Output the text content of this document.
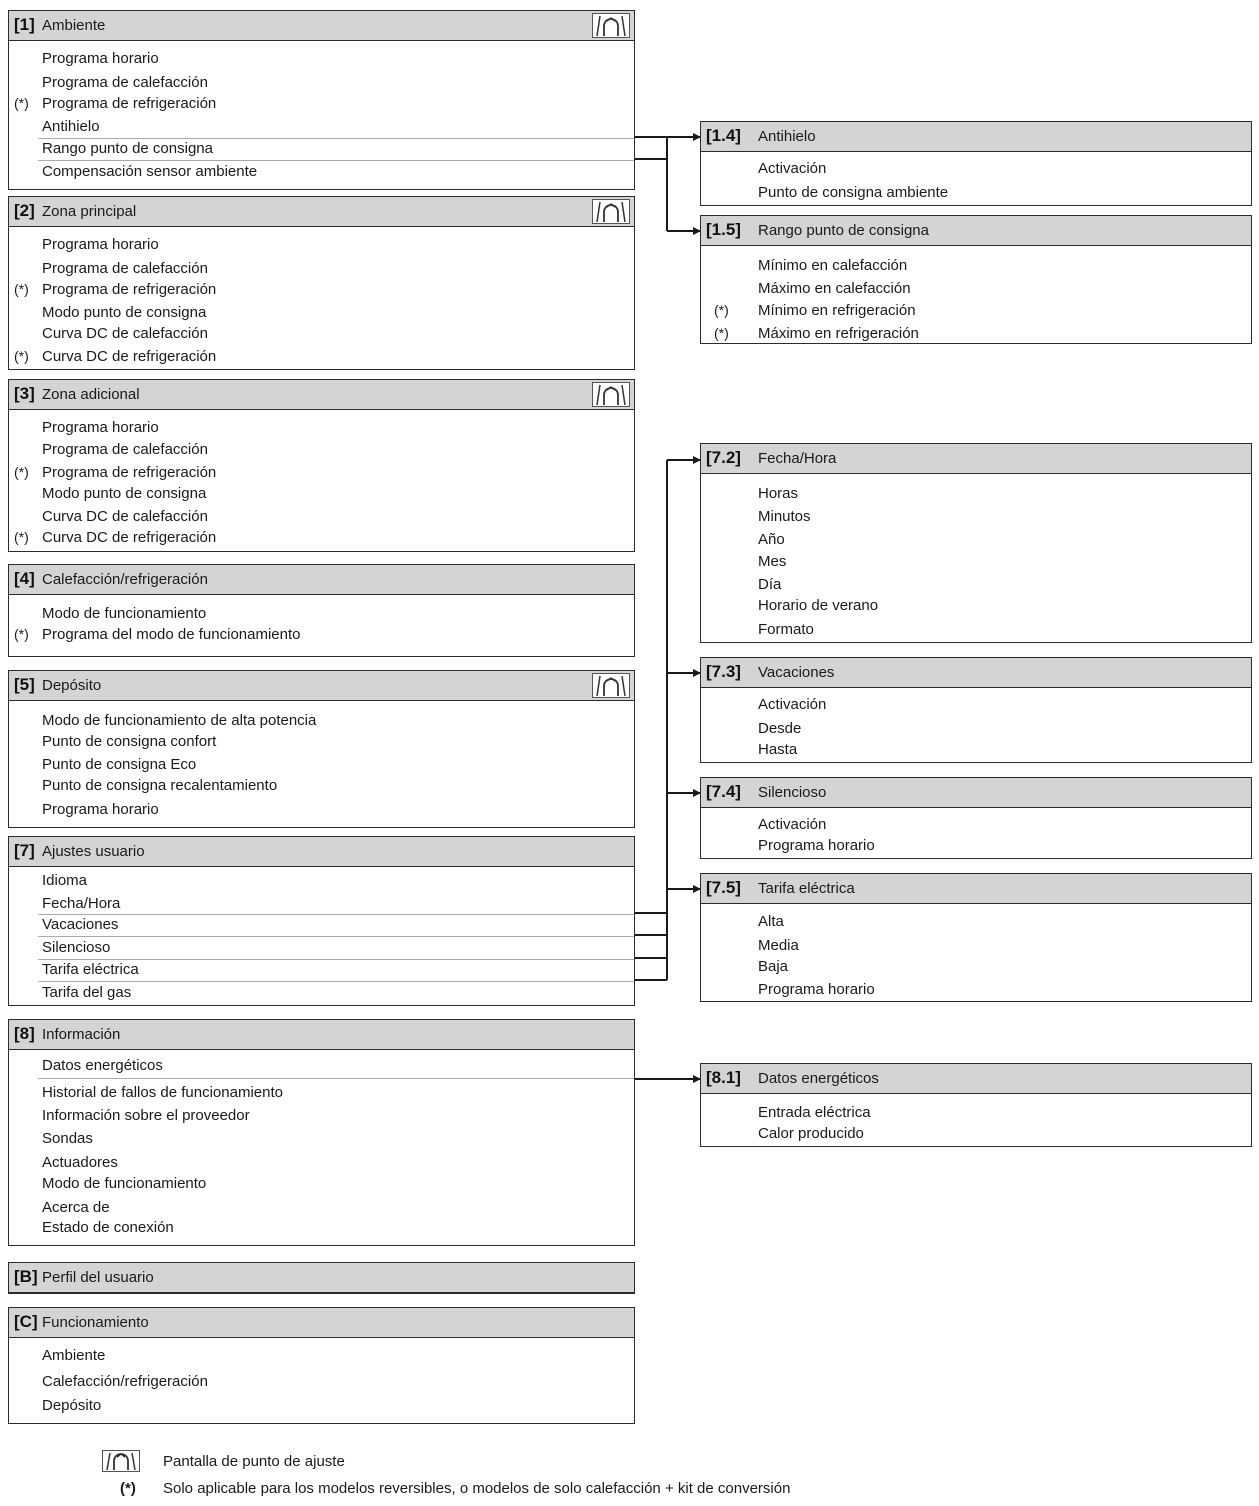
[1] Ambiente
Programa horario
Programa de calefacción
(*) Programa de refrigeración
Antihielo
Rango punto de consigna
Compensación sensor ambiente
[2] Zona principal
Programa horario
Programa de calefacción
(*) Programa de refrigeración
Modo punto de consigna
Curva DC de calefacción
(*) Curva DC de refrigeración
[3] Zona adicional
Programa horario
Programa de calefacción
(*) Programa de refrigeración
Modo punto de consigna
Curva DC de calefacción
(*) Curva DC de refrigeración
[4] Calefacción/refrigeración
Modo de funcionamiento
(*) Programa del modo de funcionamiento
[5] Depósito
Modo de funcionamiento de alta potencia
Punto de consigna confort
Punto de consigna Eco
Punto de consigna recalentamiento
Programa horario
[7] Ajustes usuario
Idioma
Fecha/Hora
Vacaciones
Silencioso
Tarifa eléctrica
Tarifa del gas
[8] Información
Datos energéticos
Historial de fallos de funcionamiento
Información sobre el proveedor
Sondas
Actuadores
Modo de funcionamiento
Acerca de
Estado de conexión
[B] Perfil del usuario
[C] Funcionamiento
Ambiente
Calefacción/refrigeración
Depósito
[1.4] Antihielo
Activación
Punto de consigna ambiente
[1.5] Rango punto de consigna
Mínimo en calefacción
Máximo en calefacción
(*) Mínimo en refrigeración
(*) Máximo en refrigeración
[7.2] Fecha/Hora
Horas
Minutos
Año
Mes
Día
Horario de verano
Formato
[7.3] Vacaciones
Activación
Desde
Hasta
[7.4] Silencioso
Activación
Programa horario
[7.5] Tarifa eléctrica
Alta
Media
Baja
Programa horario
[8.1] Datos energéticos
Entrada eléctrica
Calor producido
Pantalla de punto de ajuste
(*) Solo aplicable para los modelos reversibles, o modelos de solo calefacción + kit de conversión
